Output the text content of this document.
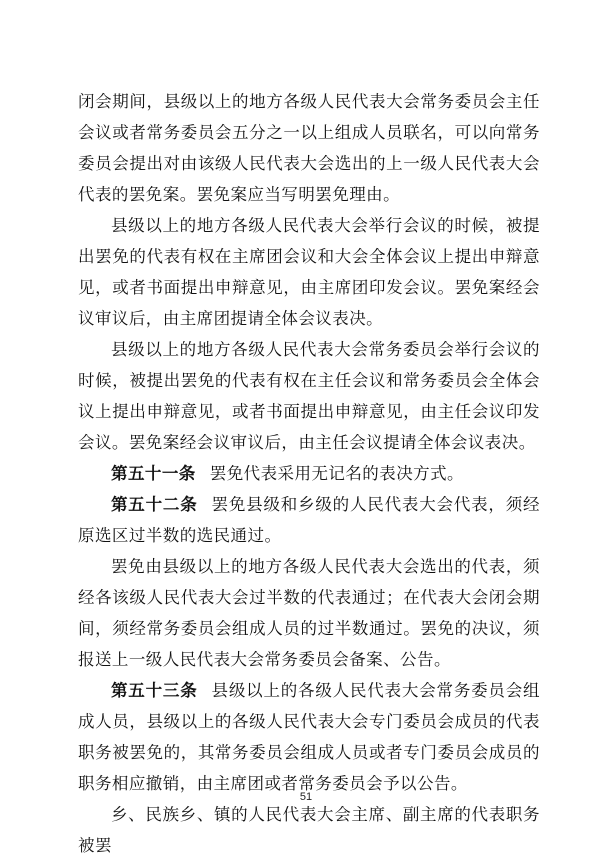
闭会期间，县级以上的地方各级人民代表大会常务委员会主任会议或者常务委员会五分之一以上组成人员联名，可以向常务委员会提出对由该级人民代表大会选出的上一级人民代表大会代表的罢免案。罢免案应当写明罢免理由。

县级以上的地方各级人民代表大会举行会议的时候，被提出罢免的代表有权在主席团会议和大会全体会议上提出申辩意见，或者书面提出申辩意见，由主席团印发会议。罢免案经会议审议后，由主席团提请全体会议表决。

县级以上的地方各级人民代表大会常务委员会举行会议的时候，被提出罢免的代表有权在主任会议和常务委员会全体会议上提出申辩意见，或者书面提出申辩意见，由主任会议印发会议。罢免案经会议审议后，由主任会议提请全体会议表决。

第五十一条 罢免代表采用无记名的表决方式。

第五十二条 罢免县级和乡级的人民代表大会代表，须经原选区过半数的选民通过。

罢免由县级以上的地方各级人民代表大会选出的代表，须经各该级人民代表大会过半数的代表通过；在代表大会闭会期间，须经常务委员会组成人员的过半数通过。罢免的决议，须报送上一级人民代表大会常务委员会备案、公告。

第五十三条 县级以上的各级人民代表大会常务委员会组成人员，县级以上的各级人民代表大会专门委员会成员的代表职务被罢免的，其常务委员会组成人员或者专门委员会成员的职务相应撤销，由主席团或者常务委员会予以公告。

乡、民族乡、镇的人民代表大会主席、副主席的代表职务被罢

51
